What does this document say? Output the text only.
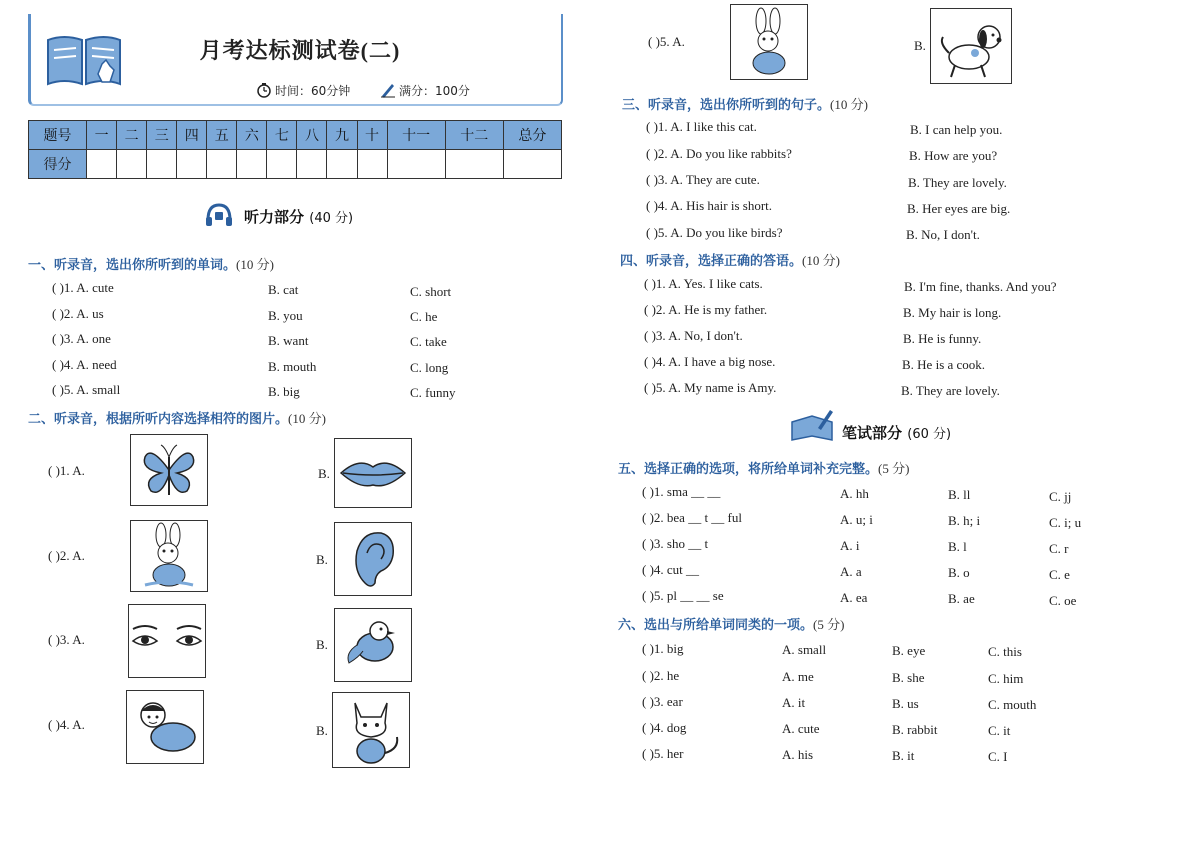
月考达标测试卷(二)
时间：60分钟	满分：100分
题号	一	二	三	四	五	六	七	八	九	十	十一	十二	总分
得分													
听力部分 (40 分)
一、听录音，选出你所听到的单词。(10 分)
( )1. A. cute	B. cat	C. short
( )2. A. us	B. you	C. he
( )3. A. one	B. want	C. take
( )4. A. need	B. mouth	C. long
( )5. A. small	B. big	C. funny
二、听录音，根据所听内容选择相符的图片。(10 分)
( )1. A.	B.
( )2. A.	B.
( )3. A.	B.
( )4. A.	B.
( )5. A.	B.
三、听录音，选出你所听到的句子。(10 分)
( )1. A. I like this cat.	B. I can help you.
( )2. A. Do you like rabbits?	B. How are you?
( )3. A. They are cute.	B. They are lovely.
( )4. A. His hair is short.	B. Her eyes are big.
( )5. A. Do you like birds?	B. No, I don't.
四、听录音，选择正确的答语。(10 分)
( )1. A. Yes. I like cats.	B. I'm fine, thanks. And you?
( )2. A. He is my father.	B. My hair is long.
( )3. A. No, I don't.	B. He is funny.
( )4. A. I have a big nose.	B. He is a cook.
( )5. A. My name is Amy.	B. They are lovely.
笔试部分 (60 分)
五、选择正确的选项，将所给单词补充完整。(5 分)
( )1. sma __ __	A. hh	B. ll	C. jj
( )2. bea __ t __ ful	A. u; i	B. h; i	C. i; u
( )3. sho __ t	A. i	B. l	C. r
( )4. cut __	A. a	B. o	C. e
( )5. pl __ __ se	A. ea	B. ae	C. oe
六、选出与所给单词同类的一项。(5 分)
( )1. big	A. small	B. eye	C. this
( )2. he	A. me	B. she	C. him
( )3. ear	A. it	B. us	C. mouth
( )4. dog	A. cute	B. rabbit	C. it
( )5. her	A. his	B. it	C. I
